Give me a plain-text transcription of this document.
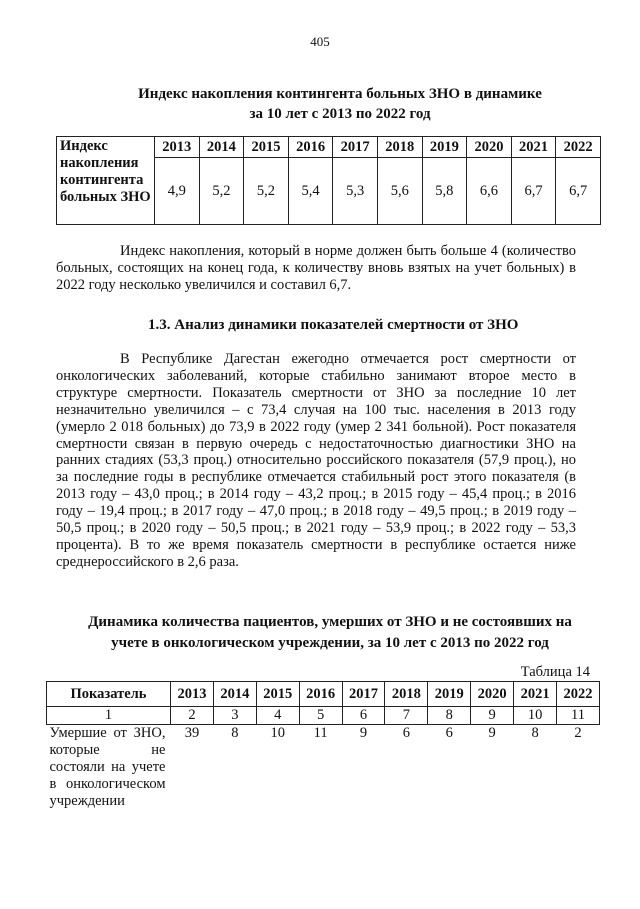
405
Индекс накопления контингента больных ЗНО в динамике
за 10 лет с 2013 по 2022 год
Индекс накопления контингента больных ЗНО	2013	2014	2015	2016	2017	2018	2019	2020	2021	2022
	4,9	5,2	5,2	5,4	5,3	5,6	5,8	6,6	6,7	6,7
Индекс накопления, который в норме должен быть больше 4 (количество больных, состоящих на конец года, к количеству вновь взятых на учет больных) в 2022 году несколько увеличился и составил 6,7.
1.3. Анализ динамики показателей смертности от ЗНО
В Республике Дагестан ежегодно отмечается рост смертности от онкологических заболеваний, которые стабильно занимают второе место в структуре смертности. Показатель смертности от ЗНО за последние 10 лет незначительно увеличился – с 73,4 случая на 100 тыс. населения в 2013 году (умерло 2 018 больных) до 73,9 в 2022 году (умер 2 341 больной). Рост показателя смертности связан в первую очередь с недостаточностью диагностики ЗНО на ранних стадиях (53,3 проц.) относительно российского показателя (57,9 проц.), но за последние годы в республике отмечается стабильный рост этого показателя (в 2013 году – 43,0 проц.; в 2014 году – 43,2 проц.; в 2015 году – 45,4 проц.; в 2016 году – 19,4 проц.; в 2017 году – 47,0 проц.; в 2018 году – 49,5 проц.; в 2019 году – 50,5 проц.; в 2020 году – 50,5 проц.; в 2021 году – 53,9 проц.; в 2022 году – 53,3 процента). В то же время показатель смертности в республике остается ниже среднероссийского в 2,6 раза.
Динамика количества пациентов, умерших от ЗНО и не состоявших на
учете в онкологическом учреждении, за 10 лет с 2013 по 2022 год
Таблица 14
Показатель	2013	2014	2015	2016	2017	2018	2019	2020	2021	2022
1	2	3	4	5	6	7	8	9	10	11
Умершие от ЗНО, которые не состояли на учете в онкологическом учреждении	39	8	10	11	9	6	6	9	8	2
